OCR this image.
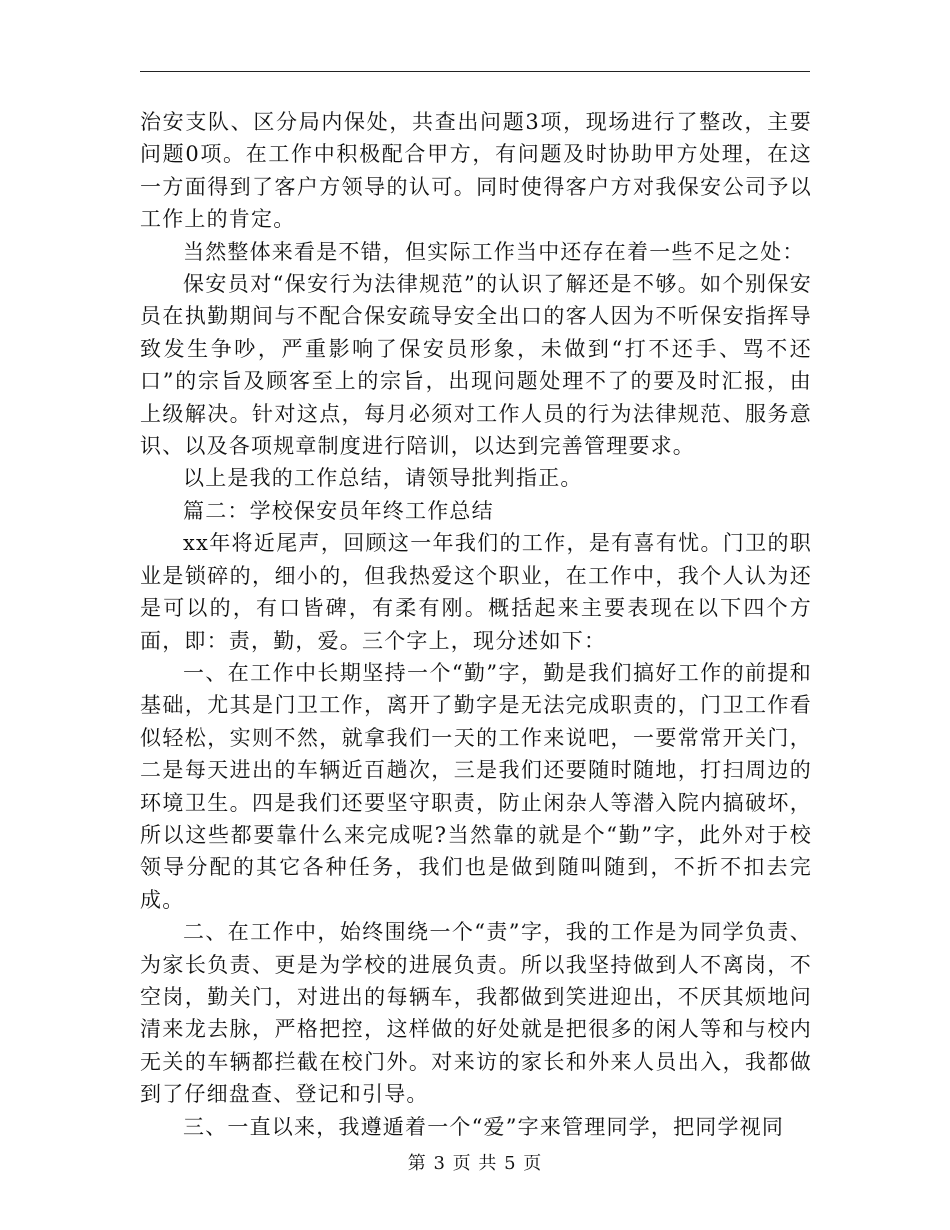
治安支队、区分局内保处，共查出问题3项，现场进行了整改，主要问题0项。在工作中积极配合甲方，有问题及时协助甲方处理，在这一方面得到了客户方领导的认可。同时使得客户方对我保安公司予以工作上的肯定。

当然整体来看是不错，但实际工作当中还存在着一些不足之处：

保安员对“保安行为法律规范”的认识了解还是不够。如个别保安员在执勤期间与不配合保安疏导安全出口的客人因为不听保安指挥导致发生争吵，严重影响了保安员形象，未做到“打不还手、骂不还口”的宗旨及顾客至上的宗旨，出现问题处理不了的要及时汇报，由上级解决。针对这点，每月必须对工作人员的行为法律规范、服务意识、以及各项规章制度进行陪训，以达到完善管理要求。

以上是我的工作总结，请领导批判指正。

篇二：学校保安员年终工作总结

xx年将近尾声，回顾这一年我们的工作，是有喜有忧。门卫的职业是锁碎的，细小的，但我热爱这个职业，在工作中，我个人认为还是可以的，有口皆碑，有柔有刚。概括起来主要表现在以下四个方面，即：责，勤，爱。三个字上，现分述如下：

一、在工作中长期坚持一个“勤”字，勤是我们搞好工作的前提和基础，尤其是门卫工作，离开了勤字是无法完成职责的，门卫工作看似轻松，实则不然，就拿我们一天的工作来说吧，一要常常开关门，二是每天进出的车辆近百趟次，三是我们还要随时随地，打扫周边的环境卫生。四是我们还要坚守职责，防止闲杂人等潜入院内搞破坏，所以这些都要靠什么来完成呢?当然靠的就是个“勤”字，此外对于校领导分配的其它各种任务，我们也是做到随叫随到，不折不扣去完成。

二、在工作中，始终围绕一个“责”字，我的工作是为同学负责、为家长负责、更是为学校的进展负责。所以我坚持做到人不离岗，不空岗，勤关门，对进出的每辆车，我都做到笑进迎出，不厌其烦地问清来龙去脉，严格把控，这样做的好处就是把很多的闲人等和与校内无关的车辆都拦截在校门外。对来访的家长和外来人员出入，我都做到了仔细盘查、登记和引导。

三、一直以来，我遵遁着一个“爱”字来管理同学，把同学视同

第 3 页 共 5 页
